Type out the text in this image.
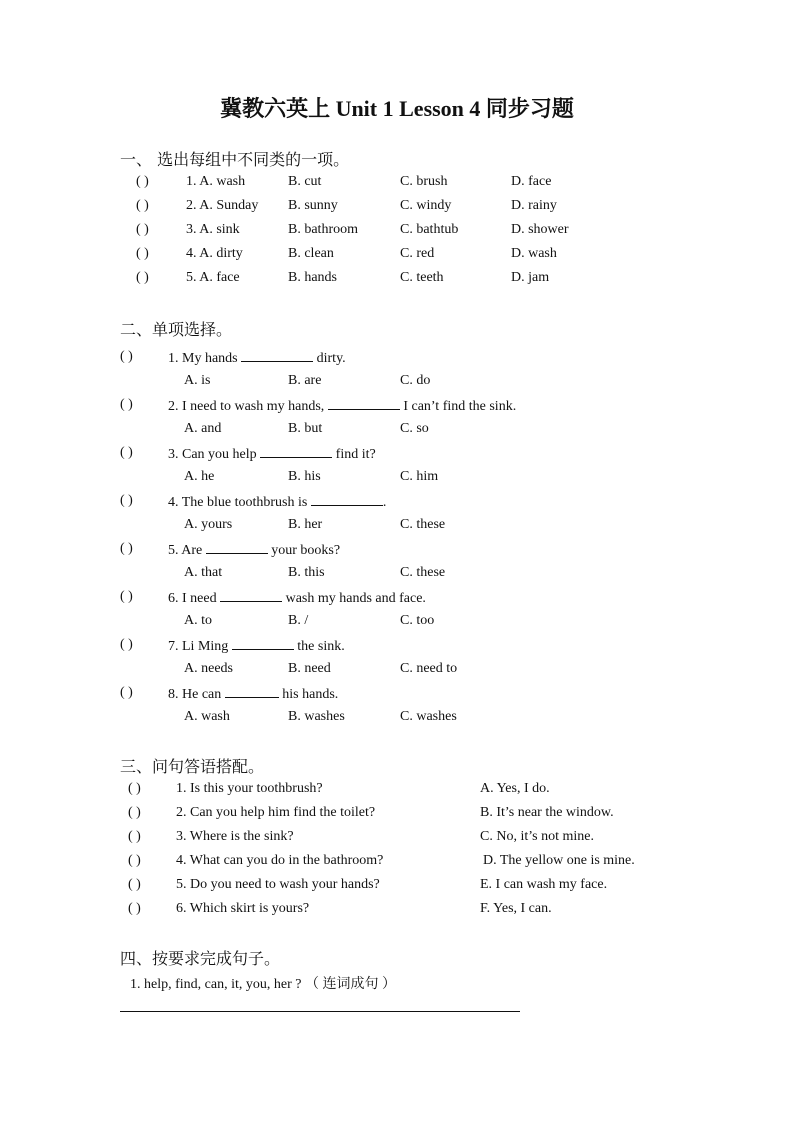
冀教六英上 Unit 1 Lesson 4 同步习题
一、 选出每组中不同类的一项。
( )	1. A. wash	B. cut	C. brush	D. face
( )	2. A. Sunday B. sunny	C. windy	D. rainy
( )	3. A. sink	B. bathroom	C. bathtub	D. shower
( )	4. A. dirty	B. clean	C. red	D. wash
( )	5. A. face	B. hands	C. teeth	D. jam
二、单项选择。
( )	1. My hands	dirty.
A. is	B. are	C. do
( )	2. I need to wash my hands,	I can’t find the sink.
A. and	B. but	C. so
( )	3. Can you help	find it?
A. he	B. his	C. him
( )	4. The blue toothbrush is	.
A. yours	B. her	C. these
( )	5. Are	your books?
A. that	B. this	C. these
( )	6. I need	wash my hands and face.
A. to	B. /	C. too
( )	7. Li Ming	the sink.
A. needs	B. need	C. need to
( )	8. He can	his hands.
A. wash	B. washes	C. washes
三、问句答语搭配。
( )	1. Is this your toothbrush?	A. Yes, I do.
( )	2. Can you help him find the toilet?	B. It’s near the window.
( )	3. Where is the sink?	C. No, it’s not mine.
( )	4. What can you do in the bathroom?	D. The yellow one is mine.
( )	5. Do you need to wash your hands?	E. I can wash my face.
( )	6. Which skirt is yours?	F. Yes, I can.
四、按要求完成句子。
1. help, find, can, it, you, her ? （ 连词成句 ）
